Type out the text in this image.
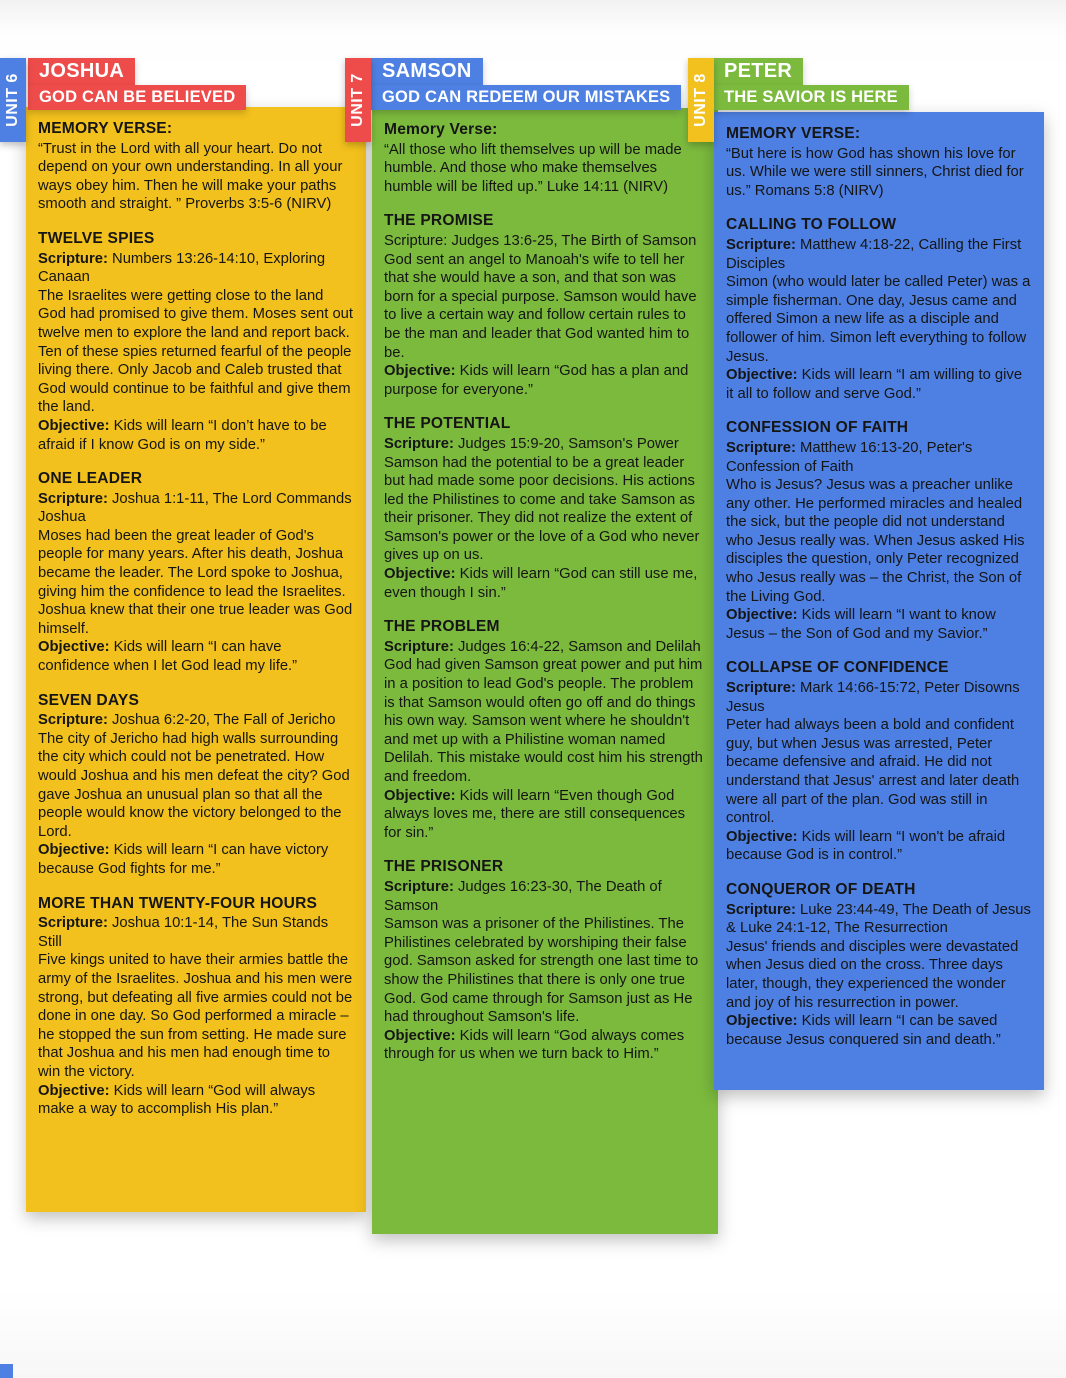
UNIT 6
JOSHUA
GOD CAN BE BELIEVED
MEMORY VERSE:

“Trust in the Lord with all your heart. Do not depend on your own understanding. In all your ways obey him. Then he will make your paths smooth and straight. ” Proverbs 3:5-6 (NIRV)

TWELVE SPIES

Scripture: Numbers 13:26-14:10, Exploring Canaan

The Israelites were getting close to the land God had promised to give them. Moses sent out twelve men to explore the land and report back. Ten of these spies returned fearful of the people living there. Only Jacob and Caleb trusted that God would continue to be faithful and give them the land.

Objective: Kids will learn “I don’t have to be afraid if I know God is on my side.”

ONE LEADER

Scripture: Joshua 1:1-11, The Lord Commands Joshua

Moses had been the great leader of God's people for many years. After his death, Joshua became the leader. The Lord spoke to Joshua, giving him the confidence to lead the Israelites. Joshua knew that their one true leader was God himself.

Objective: Kids will learn “I can have confidence when I let God lead my life.”

SEVEN DAYS

Scripture: Joshua 6:2-20, The Fall of Jericho

The city of Jericho had high walls surrounding the city which could not be penetrated. How would Joshua and his men defeat the city? God gave Joshua an unusual plan so that all the people would know the victory belonged to the Lord.

Objective: Kids will learn “I can have victory because God fights for me.”

MORE THAN TWENTY-FOUR HOURS

Scripture: Joshua 10:1-14, The Sun Stands Still

Five kings united to have their armies battle the army of the Israelites. Joshua and his men were strong, but defeating all five armies could not be done in one day. So God performed a miracle – he stopped the sun from setting. He made sure that Joshua and his men had enough time to win the victory.

Objective: Kids will learn “God will always make a way to accomplish His plan.”

UNIT 7
SAMSON
GOD CAN REDEEM OUR MISTAKES
Memory Verse:

“All those who lift themselves up will be made humble. And those who make themselves humble will be lifted up.” Luke 14:11 (NIRV)

THE PROMISE

Scripture: Judges 13:6-25, The Birth of Samson

God sent an angel to Manoah's wife to tell her that she would have a son, and that son was born for a special purpose. Samson would have to live a certain way and follow certain rules to be the man and leader that God wanted him to be.

Objective: Kids will learn “God has a plan and purpose for everyone.”

THE POTENTIAL

Scripture: Judges 15:9-20, Samson's Power

Samson had the potential to be a great leader but had made some poor decisions. His actions led the Philistines to come and take Samson as their prisoner. They did not realize the extent of Samson's power or the love of a God who never gives up on us.

Objective: Kids will learn “God can still use me, even though I sin.”

THE PROBLEM

Scripture: Judges 16:4-22, Samson and Delilah

God had given Samson great power and put him in a position to lead God's people. The problem is that Samson would often go off and do things his own way. Samson went where he shouldn't and met up with a Philistine woman named Delilah. This mistake would cost him his strength and freedom.

Objective: Kids will learn “Even though God always loves me, there are still consequences for sin.”

THE PRISONER

Scripture: Judges 16:23-30, The Death of Samson

Samson was a prisoner of the Philistines. The Philistines celebrated by worshiping their false god. Samson asked for strength one last time to show the Philistines that there is only one true God. God came through for Samson just as He had throughout Samson's life.

Objective: Kids will learn “God always comes through for us when we turn back to Him.”

UNIT 8
PETER
THE SAVIOR IS HERE
MEMORY VERSE:

“But here is how God has shown his love for us. While we were still sinners, Christ died for us.” Romans 5:8 (NIRV)

CALLING TO FOLLOW

Scripture: Matthew 4:18-22, Calling the First Disciples

Simon (who would later be called Peter) was a simple fisherman. One day, Jesus came and offered Simon a new life as a disciple and follower of him. Simon left everything to follow Jesus.

Objective: Kids will learn “I am willing to give it all to follow and serve God.”

CONFESSION OF FAITH

Scripture: Matthew 16:13-20, Peter's Confession of Faith

Who is Jesus? Jesus was a preacher unlike any other. He performed miracles and healed the sick, but the people did not understand who Jesus really was. When Jesus asked His disciples the question, only Peter recognized who Jesus really was – the Christ, the Son of the Living God.

Objective: Kids will learn “I want to know Jesus – the Son of God and my Savior.”

COLLAPSE OF CONFIDENCE

Scripture: Mark 14:66-15:72, Peter Disowns Jesus

Peter had always been a bold and confident guy, but when Jesus was arrested, Peter became defensive and afraid. He did not understand that Jesus' arrest and later death were all part of the plan. God was still in control.

Objective: Kids will learn “I won't be afraid because God is in control.”

CONQUEROR OF DEATH

Scripture: Luke 23:44-49, The Death of Jesus & Luke 24:1-12, The Resurrection

Jesus' friends and disciples were devastated when Jesus died on the cross. Three days later, though, they experienced the wonder and joy of his resurrection in power.

Objective: Kids will learn “I can be saved because Jesus conquered sin and death.”
